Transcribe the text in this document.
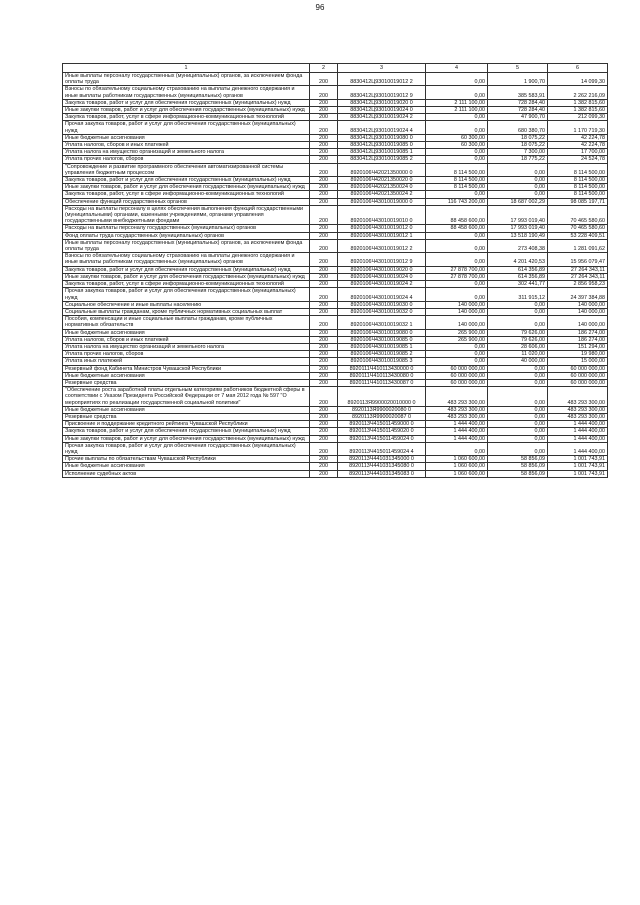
96
1	2	3	4	5	6
Иные выплаты персоналу государственных (муниципальных) органов, за исключением фонда оплаты труда	200	8830412Ц93010019012 2	0,00	1 900,70	14 099,30
Взносы по обязательному социальному страхованию на выплаты денежного содержания и иные выплаты работникам государственных (муниципальных) органов	200	8830412Ц93010019012 9	0,00	385 583,91	2 262 216,09
Закупка товаров, работ и услуг для обеспечения государственных (муниципальных) нужд	200	8830412Ц93010019020 0	2 111 100,00	728 284,40	1 382 815,60
Иные закупки товаров, работ и услуг для обеспечения государственных (муниципальных) нужд	200	8830412Ц93010019024 0	2 111 100,00	728 284,40	1 382 815,60
Закупка товаров, работ, услуг в сфере информационно-коммуникационных технологий	200	8830412Ц93010019024 2	0,00	47 900,70	212 099,30
Прочая закупка товаров, работ и услуг для обеспечения государственных (муниципальных) нужд	200	8830412Ц93010019024 4	0,00	680 380,70	1 170 719,30
Иные бюджетные ассигнования	200	8830412Ц93010019080 0	60 300,00	18 075,22	42 224,78
Уплата налогов, сборов и иных платежей	200	8830412Ц93010019085 0	60 300,00	18 075,22	42 224,78
Уплата налога на имущество организаций и земельного налога	200	8830412Ц93010019085 1	0,00	7 300,00	17 700,00
Уплата прочих налогов, сборов	200	8830412Ц93010019085 2	0,00	18 775,22	24 524,78
"Сопровождение и развитие программного обеспечения автоматизированной системы управления бюджетным процессом	200	8920106Ч42021350000 0	8 114 500,00	0,00	8 114 500,00
Закупка товаров, работ и услуг для обеспечения государственных (муниципальных) нужд	200	8920106Ч42021350020 0	8 114 500,00	0,00	8 114 500,00
Иные закупки товаров, работ и услуг для обеспечения государственных (муниципальных) нужд	200	8920106Ч42021350024 0	8 114 500,00	0,00	8 114 500,00
Закупка товаров, работ, услуг в сфере информационно-коммуникационных технологий	200	8920106Ч42021350024 2	0,00	0,00	8 114 500,00
Обеспечение функций государственных органов	200	8920106Ч43010019000 0	116 743 200,00	18 687 002,29	98 085 197,71
Расходы на выплаты персоналу в целях обеспечения выполнения функций государственными (муниципальными) органами, казенными учреждениями, органами управления государственными внебюджетными фондами	200	8920106Ч43010019010 0	88 458 600,00	17 993 019,40	70 465 580,60
Расходы на выплаты персоналу государственных (муниципальных) органов	200	8920106Ч43010019012 0	88 458 600,00	17 993 019,40	70 465 580,60
Фонд оплаты труда государственных (муниципальных) органов	200	8920106Ч43010019012 1	0,00	13 518 190,49	53 228 409,51
Иные выплаты персоналу государственных (муниципальных) органов, за исключением фонда оплаты труда	200	8920106Ч43010019012 2	0,00	273 408,38	1 281 091,62
Взносы по обязательному социальному страхованию на выплаты денежного содержания и иные выплаты работникам государственных (муниципальных) органов	200	8920106Ч43010019012 9	0,00	4 201 420,53	15 956 079,47
Закупка товаров, работ и услуг для обеспечения государственных (муниципальных) нужд	200	8920106Ч43010019020 0	27 878 700,00	614 356,89	27 264 343,11
Иные закупки товаров, работ и услуг для обеспечения государственных (муниципальных) нужд	200	8920106Ч43010019024 0	27 878 700,00	614 356,89	27 264 343,11
Закупка товаров, работ, услуг в сфере информационно-коммуникационных технологий	200	8920106Ч43010019024 2	0,00	302 441,77	2 856 958,23
Прочая закупка товаров, работ и услуг для обеспечения государственных (муниципальных) нужд	200	8920106Ч43010019024 4	0,00	311 915,12	24 397 384,88
Социальное обеспечение и иные выплаты населению	200	8920106Ч43010019030 0	140 000,00	0,00	140 000,00
Социальные выплаты гражданам, кроме публичных нормативных социальных выплат	200	8920106Ч43010019032 0	140 000,00	0,00	140 000,00
Пособия, компенсации и иные социальные выплаты гражданам, кроме публичных нормативных обязательств	200	8920106Ч43010019032 1	140 000,00	0,00	140 000,00
Иные бюджетные ассигнования	200	8920106Ч43010019080 0	265 900,00	79 626,00	186 274,00
Уплата налогов, сборов и иных платежей	200	8920106Ч43010019085 0	265 900,00	79 626,00	186 274,00
Уплата налога на имущество организаций и земельного налога	200	8920106Ч43010019085 1	0,00	28 606,00	151 294,00
Уплата прочих налогов, сборов	200	8920106Ч43010019085 2	0,00	11 020,00	19 980,00
Уплата иных платежей	200	8920106Ч43010019085 3	0,00	40 000,00	15 000,00
Резервный фонд Кабинета Министров Чувашской Республики	200	8920111Ч410113430000 0	60 000 000,00	0,00	60 000 000,00
Иные бюджетные ассигнования	200	8920111Ч410113430080 0	60 000 000,00	0,00	60 000 000,00
Резервные средства	200	8920111Ч410113430087 0	60 000 000,00	0,00	60 000 000,00
"Обеспечение роста заработной платы отдельным категориям работников бюджетной сферы в соответствии с Указом Президента Российской Федерации от 7 мая 2012 года № 597 "О мероприятиях по реализации государственной социальной политики"	200	8920113Я9900020010000 0	483 293 300,00	0,00	483 293 300,00
Иные бюджетные ассигнования	200	8920113Я9900020080 0	483 293 300,00	0,00	483 293 300,00
Резервные средства	200	8920113Я9900020087 0	483 293 300,00	0,00	483 293 300,00
Присвоение и поддержание кредитного рейтинга Чувашской Республики	200	8920113Ч415011459000 0	1 444 400,00	0,00	1 444 400,00
Закупка товаров, работ и услуг для обеспечения государственных (муниципальных) нужд	200	8920113Ч415011459020 0	1 444 400,00	0,00	1 444 400,00
Иные закупки товаров, работ и услуг для обеспечения государственных (муниципальных) нужд	200	8920113Ч415011459024 0	1 444 400,00	0,00	1 444 400,00
Прочая закупка товаров, работ и услуг для обеспечения государственных (муниципальных) нужд	200	8920113Ч415011459024 4	0,00	0,00	1 444 400,00
Прочие выплаты по обязательствам Чувашской Республики	200	8920113Ч441031345000 0	1 060 600,00	58 856,09	1 001 743,91
Иные бюджетные ассигнования	200	8920113Ч441031345080 0	1 060 600,00	58 856,09	1 001 743,91
Исполнение судебных актов	200	8920113Ч441031345083 0	1 060 600,00	58 856,09	1 001 743,91
